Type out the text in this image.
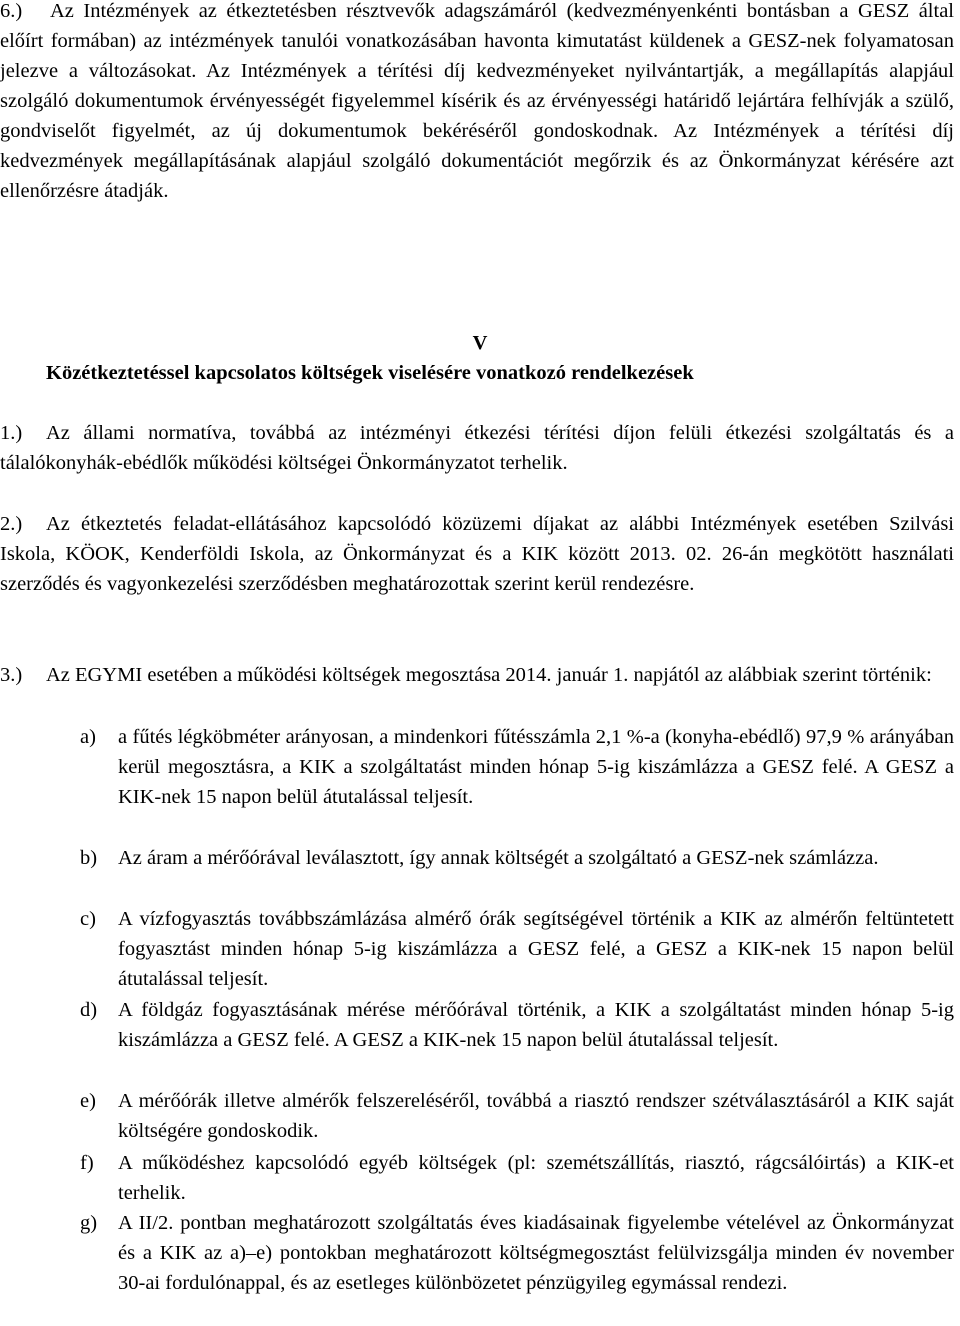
6.)	Az Intézmények az étkeztetésben résztvevők adagszámáról (kedvezményenkénti bontásban a GESZ által előírt formában) az intézmények tanulói vonatkozásában havonta kimutatást küldenek a GESZ-nek folyamatosan jelezve a változásokat. Az Intézmények a térítési díj kedvezményeket nyilvántartják, a megállapítás alapjául szolgáló dokumentumok érvényességét figyelemmel kísérik és az érvényességi határidő lejártára felhívják a szülő, gondviselőt figyelmét, az új dokumentumok bekéréséről gondoskodnak. Az Intézmények a térítési díj kedvezmények megállapításának alapjául szolgáló dokumentációt megőrzik és az Önkormányzat kérésére azt ellenőrzésre átadják.
V
Közétkeztetéssel kapcsolatos költségek viselésére vonatkozó rendelkezések
1.)	Az állami normatíva, továbbá az intézményi étkezési térítési díjon felüli étkezési szolgáltatás és a tálalókonyhák-ebédlők működési költségei Önkormányzatot terhelik.
2.)	Az étkeztetés feladat-ellátásához kapcsolódó közüzemi díjakat az alábbi Intézmények esetében Szilvási Iskola, KÖOK, Kenderföldi Iskola, az Önkormányzat és a KIK között 2013. 02. 26-án megkötött használati szerződés és vagyonkezelési szerződésben meghatározottak szerint kerül rendezésre.
3.)	Az EGYMI esetében a működési költségek megosztása 2014. január 1. napjától az alábbiak szerint történik:
a) a fűtés légköbméter arányosan, a mindenkori fűtésszámla 2,1 %-a (konyha-ebédlő) 97,9 % arányában kerül megosztásra, a KIK a szolgáltatást minden hónap 5-ig kiszámlázza a GESZ felé. A GESZ a KIK-nek 15 napon belül átutalással teljesít.
b) Az áram a mérőórával leválasztott, így annak költségét a szolgáltató a GESZ-nek számlázza.
c) A vízfogyasztás továbbszámlázása almérő órák segítségével történik a KIK az almérőn feltüntetett fogyasztást minden hónap 5-ig kiszámlázza a GESZ felé, a GESZ a KIK-nek 15 napon belül átutalással teljesít.
d) A földgáz fogyasztásának mérése mérőórával történik, a KIK a szolgáltatást minden hónap 5-ig kiszámlázza a GESZ felé. A GESZ a KIK-nek 15 napon belül átutalással teljesít.
e) A mérőórák illetve almérők felszereléséről, továbbá a riasztó rendszer szétválasztásáról a KIK saját költségére gondoskodik.
f) A működéshez kapcsolódó egyéb költségek (pl: szemétszállítás, riasztó, rágcsálóirtás) a KIK-et terhelik.
g) A II/2. pontban meghatározott szolgáltatás éves kiadásainak figyelembe vételével az Önkormányzat és a KIK az a)–e) pontokban meghatározott költségmegosztást felülvizsgálja minden év november 30-ai fordulónappal, és az esetleges különbözetet pénzügyileg egymással rendezi.
